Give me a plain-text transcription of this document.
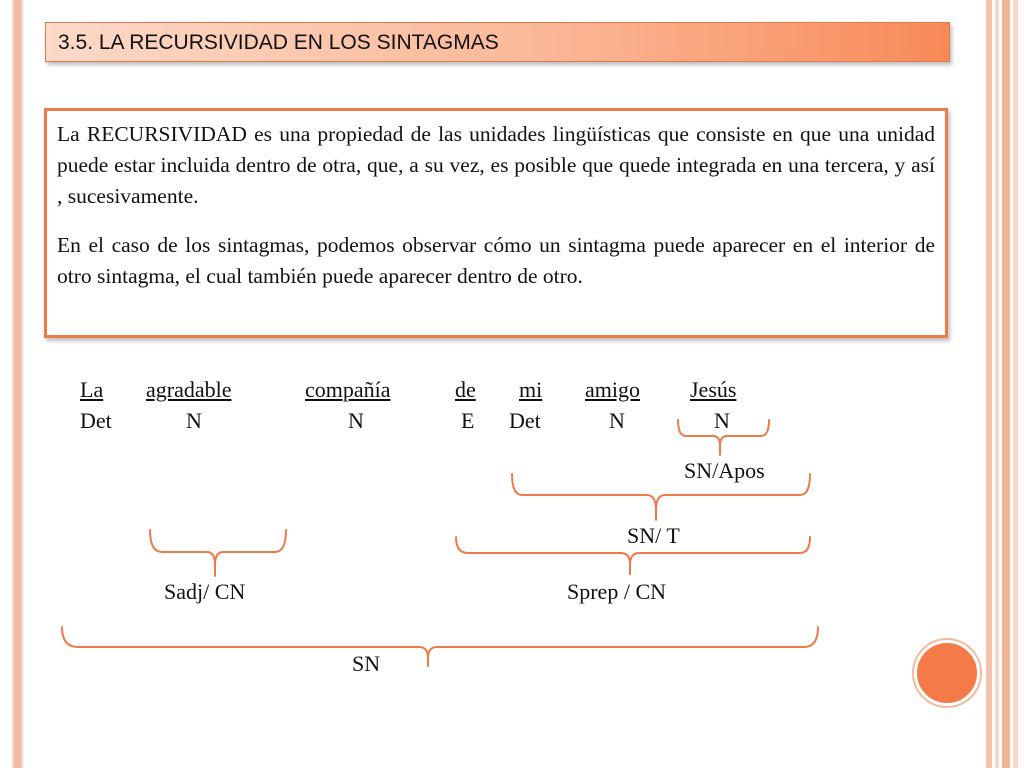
3.5. LA RECURSIVIDAD EN LOS SINTAGMAS

La RECURSIVIDAD es una propiedad de las unidades lingüísticas que consiste en que una unidad puede estar incluida dentro de otra, que, a su vez, es posible que quede integrada en una tercera, y así , sucesivamente.

En el caso de los sintagmas, podemos observar cómo un sintagma puede aparecer en el interior de otro sintagma, el cual también puede aparecer dentro de otro.

La agradable	compañía	de mi amigo Jesús
Det	N	N	E Det	N	N
SN/Apos
SN/ T
Sadj/ CN	Sprep / CN
SN
